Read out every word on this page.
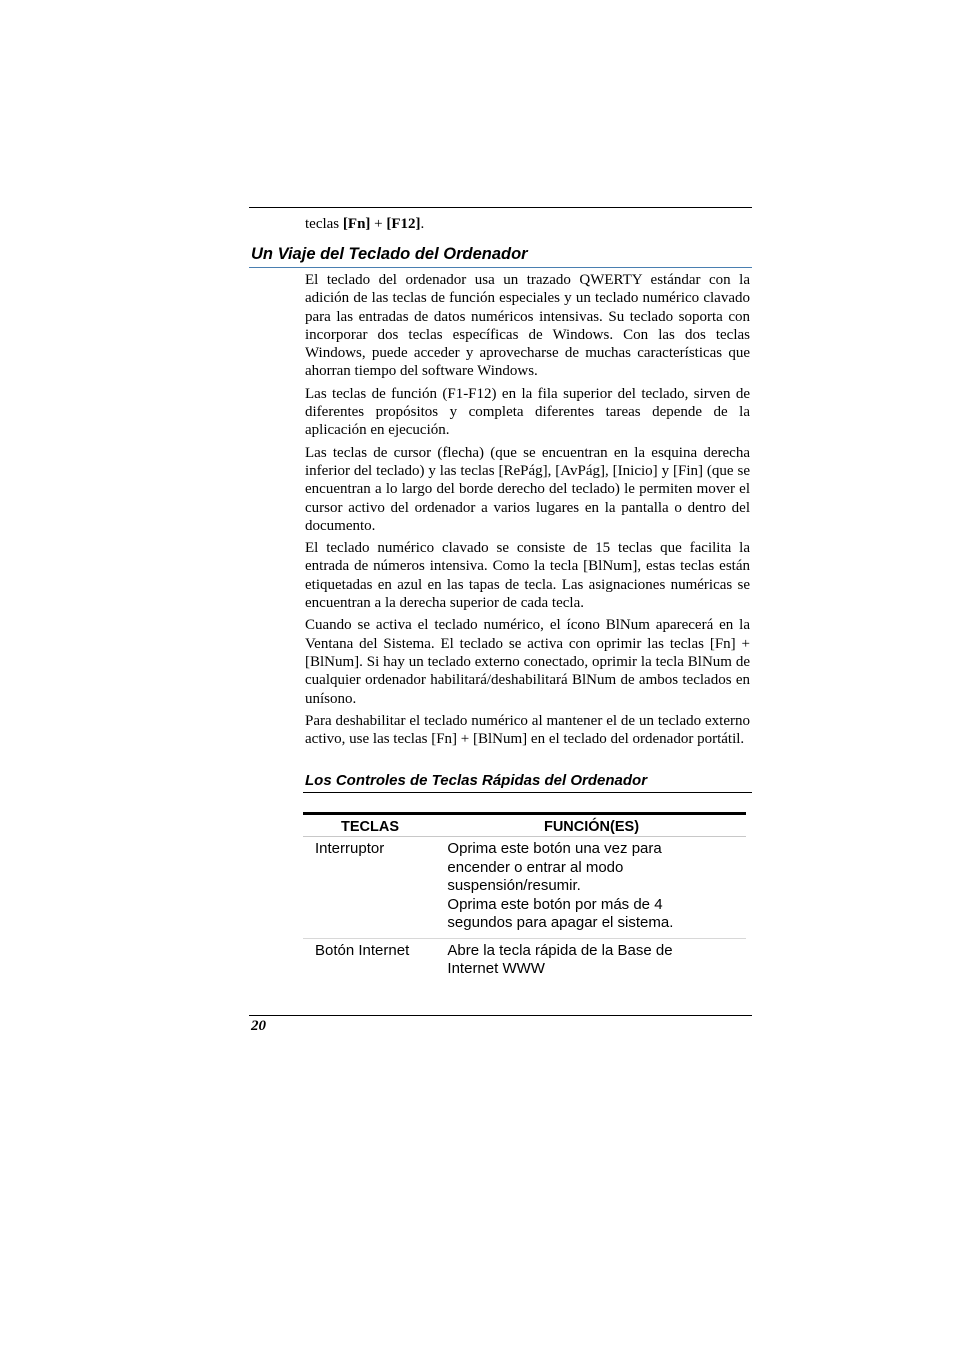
teclas [Fn] + [F12].
Un Viaje del Teclado del Ordenador

El teclado del ordenador usa un trazado QWERTY estándar con la adición de las teclas de función especiales y un teclado numérico clavado para las entradas de datos numéricos intensivas. Su teclado soporta con incorporar dos teclas específicas de Windows. Con las dos teclas Windows, puede acceder y aprovecharse de muchas características que ahorran tiempo del software Windows.

Las teclas de función (F1-F12) en la fila superior del teclado, sirven de diferentes propósitos y completa diferentes tareas depende de la aplicación en ejecución.

Las teclas de cursor (flecha) (que se encuentran en la esquina derecha inferior del teclado) y las teclas [RePág], [AvPág], [Inicio] y [Fin] (que se encuentran a lo largo del borde derecho del teclado) le permiten mover el cursor activo del ordenador a varios lugares en la pantalla o dentro del documento.

El teclado numérico clavado se consiste de 15 teclas que facilita la entrada de números intensiva. Como la tecla [BlNum], estas teclas están etiquetadas en azul en las tapas de tecla. Las asignaciones numéricas se encuentran a la derecha superior de cada tecla.

Cuando se activa el teclado numérico, el ícono BlNum aparecerá en la Ventana del Sistema. El teclado se activa con oprimir las teclas [Fn] + [BlNum]. Si hay un teclado externo conectado, oprimir la tecla BlNum de cualquier ordenador habilitará/deshabilitará BlNum de ambos teclados en unísono.

Para deshabilitar el teclado numérico al mantener el de un teclado externo activo, use las teclas [Fn] + [BlNum] en el teclado del ordenador portátil.

Los Controles de Teclas Rápidas del Ordenador
TECLAS	FUNCIÓN(ES)
Interruptor	Oprima este botón una vez para
encender o entrar al modo
suspensión/resumir.
Oprima este botón por más de 4
segundos para apagar el sistema.
Botón Internet	Abre la tecla rápida de la Base de
Internet WWW
20
